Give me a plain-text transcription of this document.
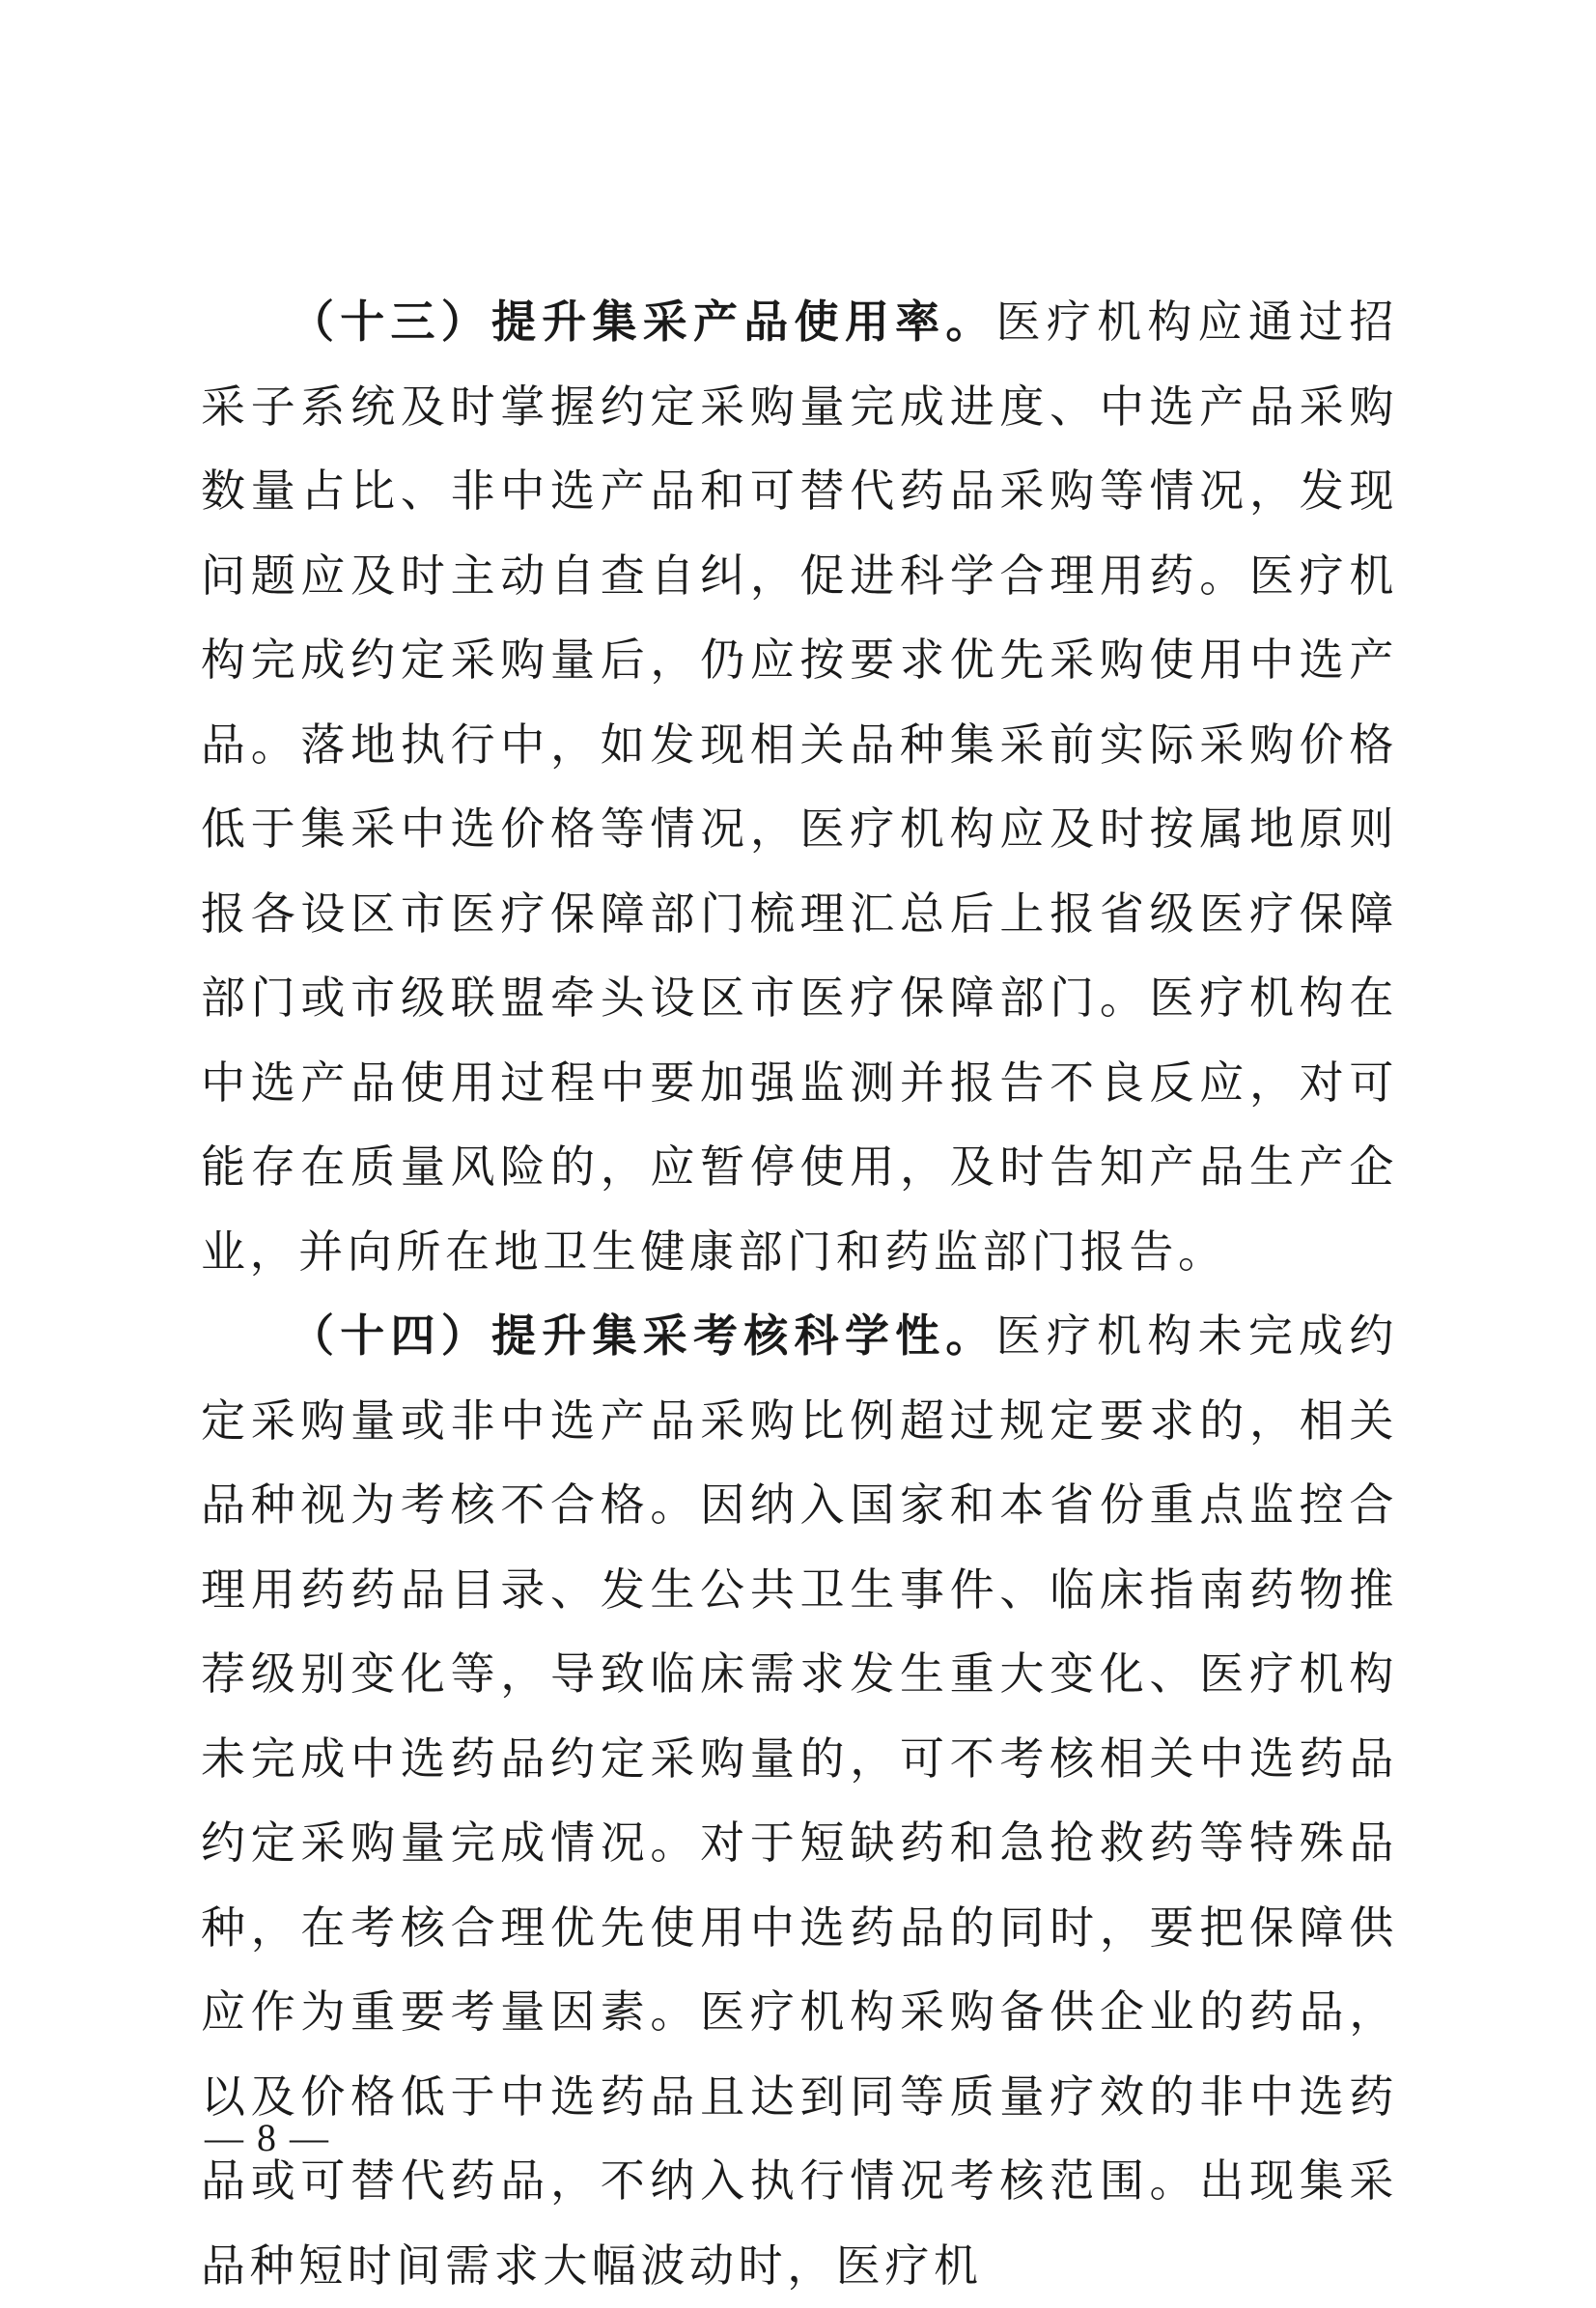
（十三）提升集采产品使用率。医疗机构应通过招采子系统及时掌握约定采购量完成进度、中选产品采购数量占比、非中选产品和可替代药品采购等情况，发现问题应及时主动自查自纠，促进科学合理用药。医疗机构完成约定采购量后，仍应按要求优先采购使用中选产品。落地执行中，如发现相关品种集采前实际采购价格低于集采中选价格等情况，医疗机构应及时按属地原则报各设区市医疗保障部门梳理汇总后上报省级医疗保障部门或市级联盟牵头设区市医疗保障部门。医疗机构在中选产品使用过程中要加强监测并报告不良反应，对可能存在质量风险的，应暂停使用，及时告知产品生产企业，并向所在地卫生健康部门和药监部门报告。

（十四）提升集采考核科学性。医疗机构未完成约定采购量或非中选产品采购比例超过规定要求的，相关品种视为考核不合格。因纳入国家和本省份重点监控合理用药药品目录、发生公共卫生事件、临床指南药物推荐级别变化等，导致临床需求发生重大变化、医疗机构未完成中选药品约定采购量的，可不考核相关中选药品约定采购量完成情况。对于短缺药和急抢救药等特殊品种，在考核合理优先使用中选药品的同时，要把保障供应作为重要考量因素。医疗机构采购备供企业的药品，以及价格低于中选药品且达到同等质量疗效的非中选药品或可替代药品，不纳入执行情况考核范围。出现集采品种短时间需求大幅波动时，医疗机

— 8 —
